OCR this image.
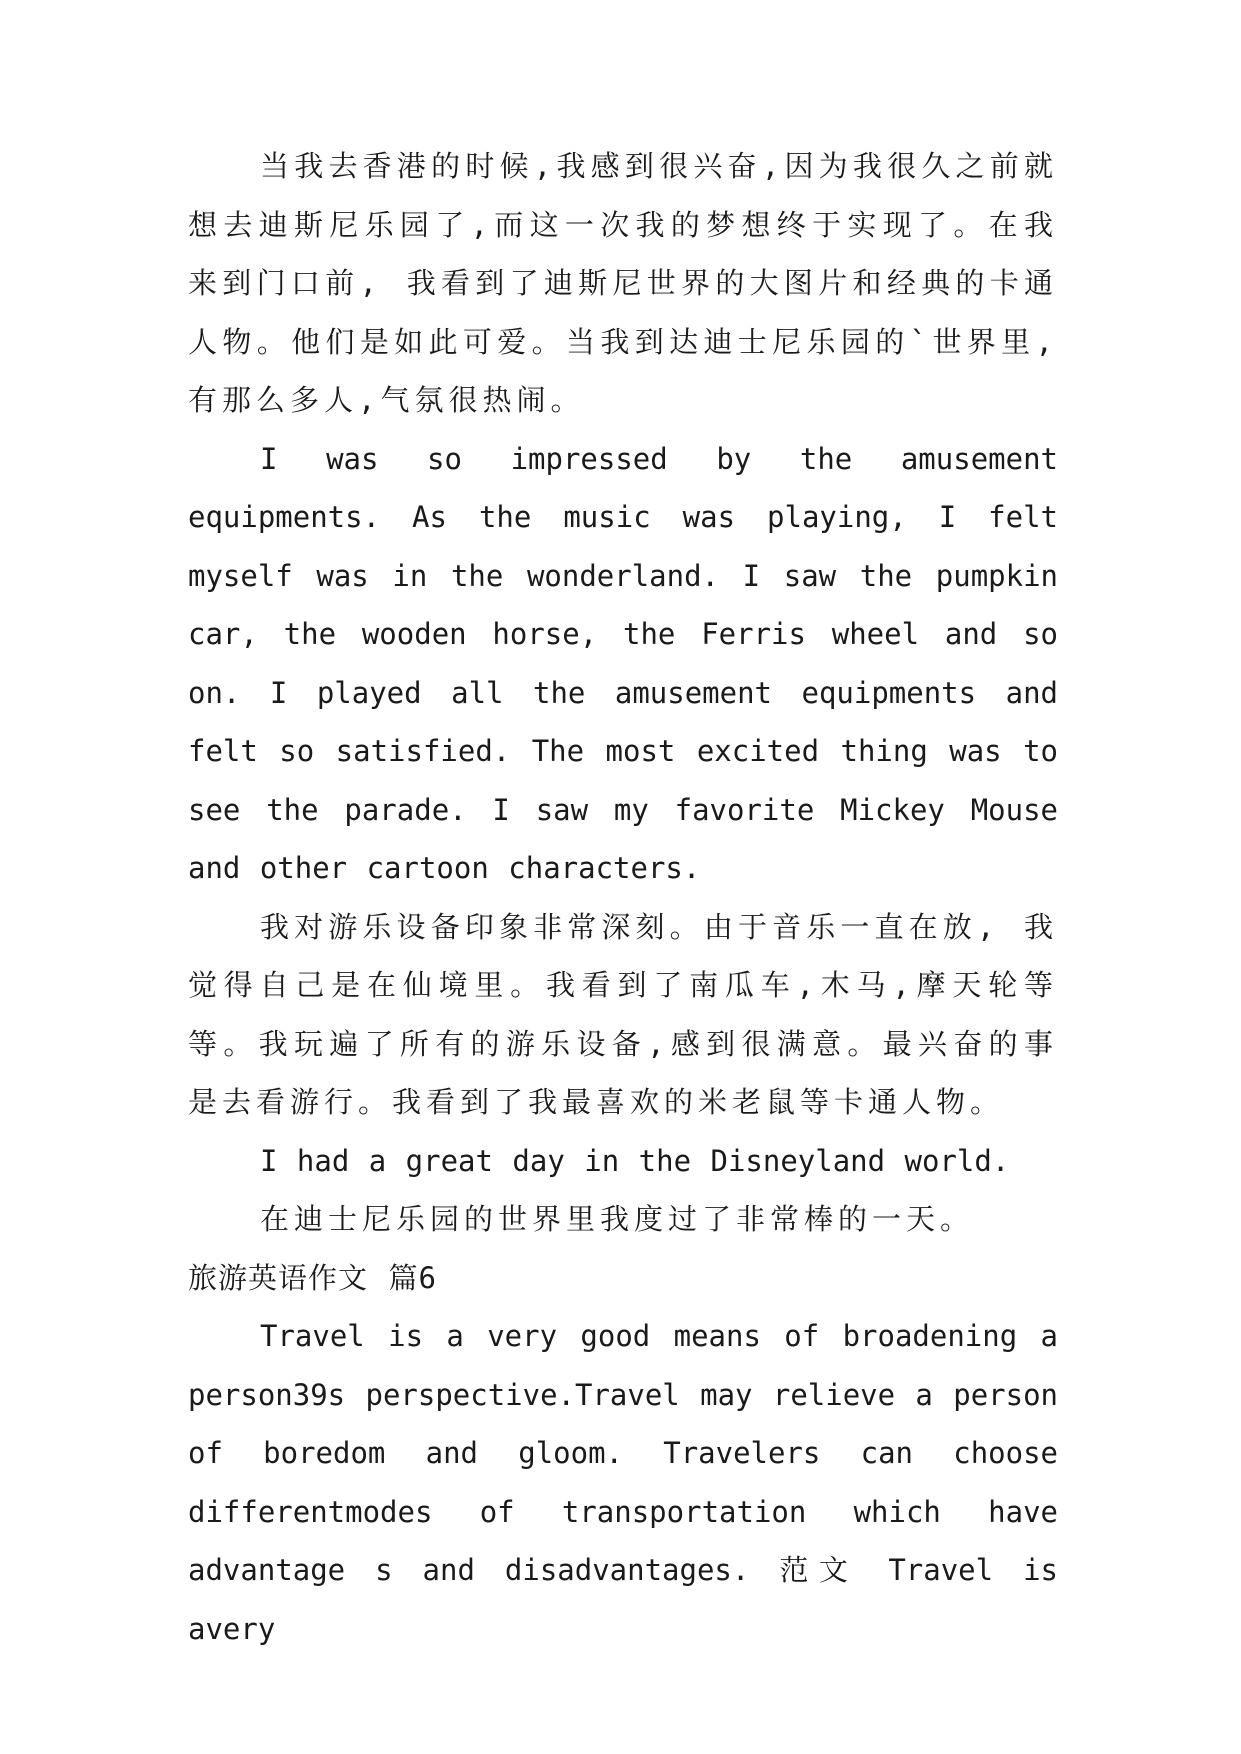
当我去香港的时候,我感到很兴奋,因为我很久之前就想去迪斯尼乐园了,而这一次我的梦想终于实现了。在我来到门口前, 我看到了迪斯尼世界的大图片和经典的卡通人物。他们是如此可爱。当我到达迪士尼乐园的`世界里,有那么多人,气氛很热闹。

I was so impressed by the amusement equipments. As the music was playing, I felt myself was in the wonderland. I saw the pumpkin car, the wooden horse, the Ferris wheel and so on. I played all the amusement equipments and felt so satisfied. The most excited thing was to see the parade. I saw my favorite Mickey Mouse and other cartoon characters.

我对游乐设备印象非常深刻。由于音乐一直在放, 我觉得自己是在仙境里。我看到了南瓜车,木马,摩天轮等等。我玩遍了所有的游乐设备,感到很满意。最兴奋的事是去看游行。我看到了我最喜欢的米老鼠等卡通人物。

I had a great day in the Disneyland world.

在迪士尼乐园的世界里我度过了非常棒的一天。

旅游英语作文 篇6

Travel is a very good means of broadening a person39s perspective.Travel may relieve a person of boredom and gloom. Travelers can choose differentmodes of transportation which have advantage s and disadvantages. 范文 Travel is avery
